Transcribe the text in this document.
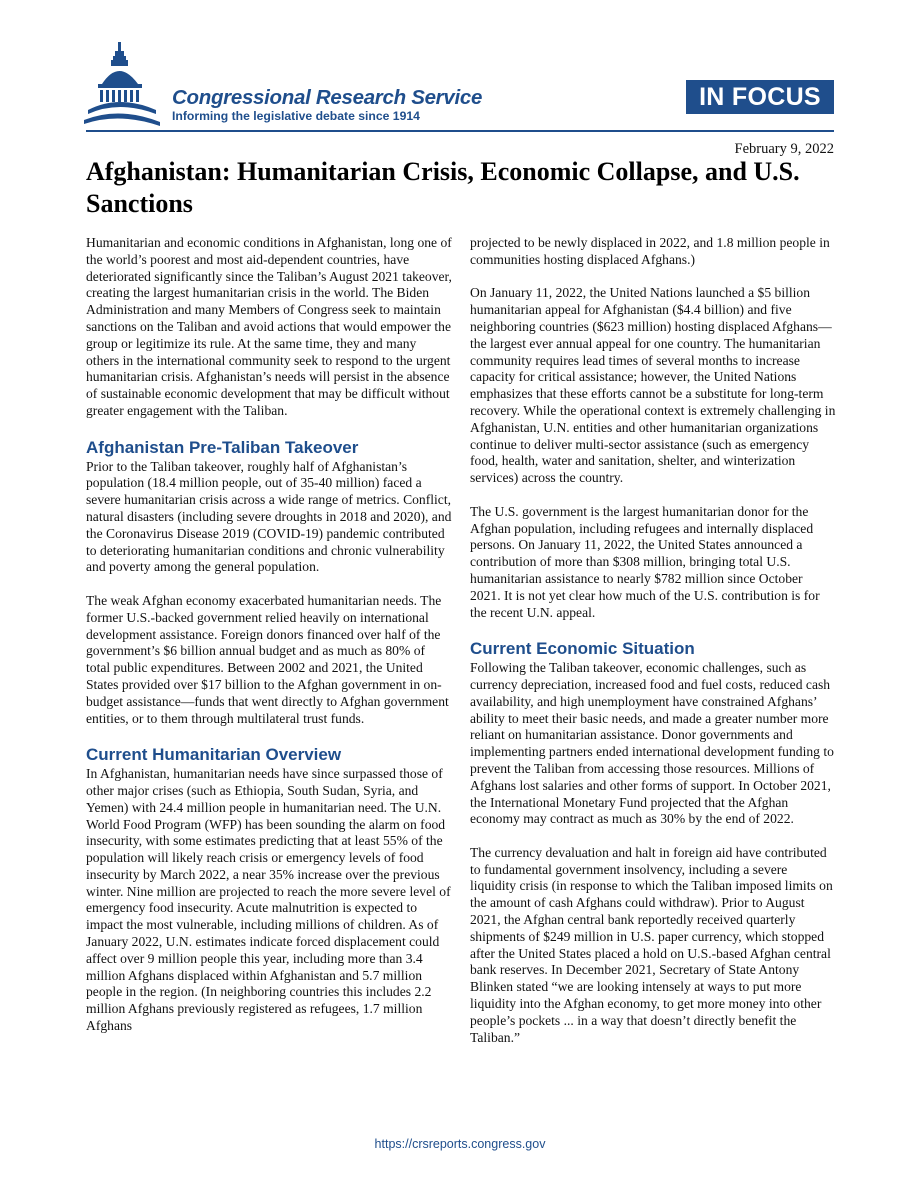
Congressional Research Service
Informing the legislative debate since 1914
IN FOCUS
February 9, 2022
Afghanistan: Humanitarian Crisis, Economic Collapse, and U.S. Sanctions

Humanitarian and economic conditions in Afghanistan, long one of the world’s poorest and most aid-dependent countries, have deteriorated significantly since the Taliban’s August 2021 takeover, creating the largest humanitarian crisis in the world. The Biden Administration and many Members of Congress seek to maintain sanctions on the Taliban and avoid actions that would empower the group or legitimize its rule. At the same time, they and many others in the international community seek to respond to the urgent humanitarian crisis. Afghanistan’s needs will persist in the absence of sustainable economic development that may be difficult without greater engagement with the Taliban.

Afghanistan Pre-Taliban Takeover

Prior to the Taliban takeover, roughly half of Afghanistan’s population (18.4 million people, out of 35-40 million) faced a severe humanitarian crisis across a wide range of metrics. Conflict, natural disasters (including severe droughts in 2018 and 2020), and the Coronavirus Disease 2019 (COVID-19) pandemic contributed to deteriorating humanitarian conditions and chronic vulnerability and poverty among the general population.

The weak Afghan economy exacerbated humanitarian needs. The former U.S.-backed government relied heavily on international development assistance. Foreign donors financed over half of the government’s $6 billion annual budget and as much as 80% of total public expenditures. Between 2002 and 2021, the United States provided over $17 billion to the Afghan government in on-budget assistance—funds that went directly to Afghan government entities, or to them through multilateral trust funds.

Current Humanitarian Overview

In Afghanistan, humanitarian needs have since surpassed those of other major crises (such as Ethiopia, South Sudan, Syria, and Yemen) with 24.4 million people in humanitarian need. The U.N. World Food Program (WFP) has been sounding the alarm on food insecurity, with some estimates predicting that at least 55% of the population will likely reach crisis or emergency levels of food insecurity by March 2022, a near 35% increase over the previous winter. Nine million are projected to reach the more severe level of emergency food insecurity. Acute malnutrition is expected to impact the most vulnerable, including millions of children. As of January 2022, U.N. estimates indicate forced displacement could affect over 9 million people this year, including more than 3.4 million Afghans displaced within Afghanistan and 5.7 million people in the region. (In neighboring countries this includes 2.2 million Afghans previously registered as refugees, 1.7 million Afghans

projected to be newly displaced in 2022, and 1.8 million people in communities hosting displaced Afghans.)

On January 11, 2022, the United Nations launched a $5 billion humanitarian appeal for Afghanistan ($4.4 billion) and five neighboring countries ($623 million) hosting displaced Afghans—the largest ever annual appeal for one country. The humanitarian community requires lead times of several months to increase capacity for critical assistance; however, the United Nations emphasizes that these efforts cannot be a substitute for long-term recovery. While the operational context is extremely challenging in Afghanistan, U.N. entities and other humanitarian organizations continue to deliver multi-sector assistance (such as emergency food, health, water and sanitation, shelter, and winterization services) across the country.

The U.S. government is the largest humanitarian donor for the Afghan population, including refugees and internally displaced persons. On January 11, 2022, the United States announced a contribution of more than $308 million, bringing total U.S. humanitarian assistance to nearly $782 million since October 2021. It is not yet clear how much of the U.S. contribution is for the recent U.N. appeal.

Current Economic Situation

Following the Taliban takeover, economic challenges, such as currency depreciation, increased food and fuel costs, reduced cash availability, and high unemployment have constrained Afghans’ ability to meet their basic needs, and made a greater number more reliant on humanitarian assistance. Donor governments and implementing partners ended international development funding to prevent the Taliban from accessing those resources. Millions of Afghans lost salaries and other forms of support. In October 2021, the International Monetary Fund projected that the Afghan economy may contract as much as 30% by the end of 2022.

The currency devaluation and halt in foreign aid have contributed to fundamental government insolvency, including a severe liquidity crisis (in response to which the Taliban imposed limits on the amount of cash Afghans could withdraw). Prior to August 2021, the Afghan central bank reportedly received quarterly shipments of $249 million in U.S. paper currency, which stopped after the United States placed a hold on U.S.-based Afghan central bank reserves. In December 2021, Secretary of State Antony Blinken stated “we are looking intensely at ways to put more liquidity into the Afghan economy, to get more money into other people’s pockets ... in a way that doesn’t directly benefit the Taliban.”

https://crsreports.congress.gov
